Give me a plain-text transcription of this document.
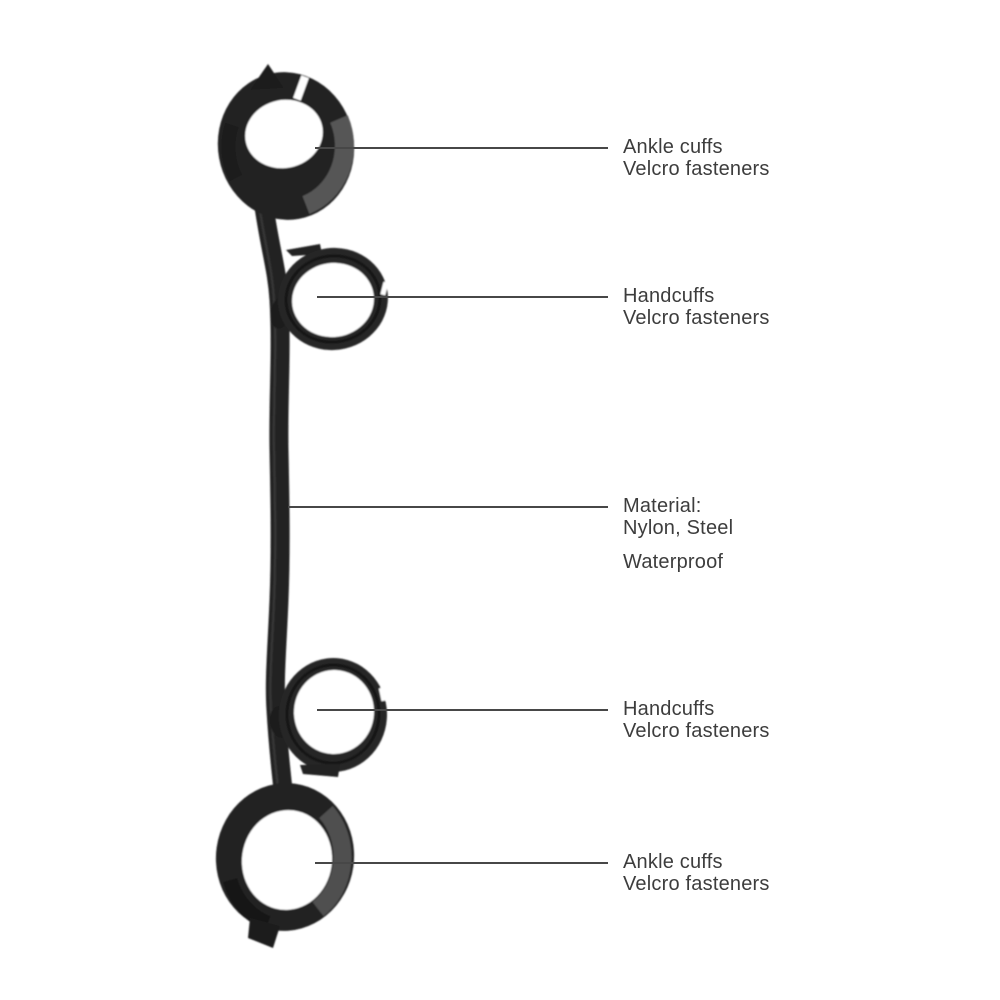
Ankle cuffs
Velcro fasteners
Handcuffs
Velcro fasteners
Material:
Nylon, Steel
Waterproof
Handcuffs
Velcro fasteners
Ankle cuffs
Velcro fasteners
